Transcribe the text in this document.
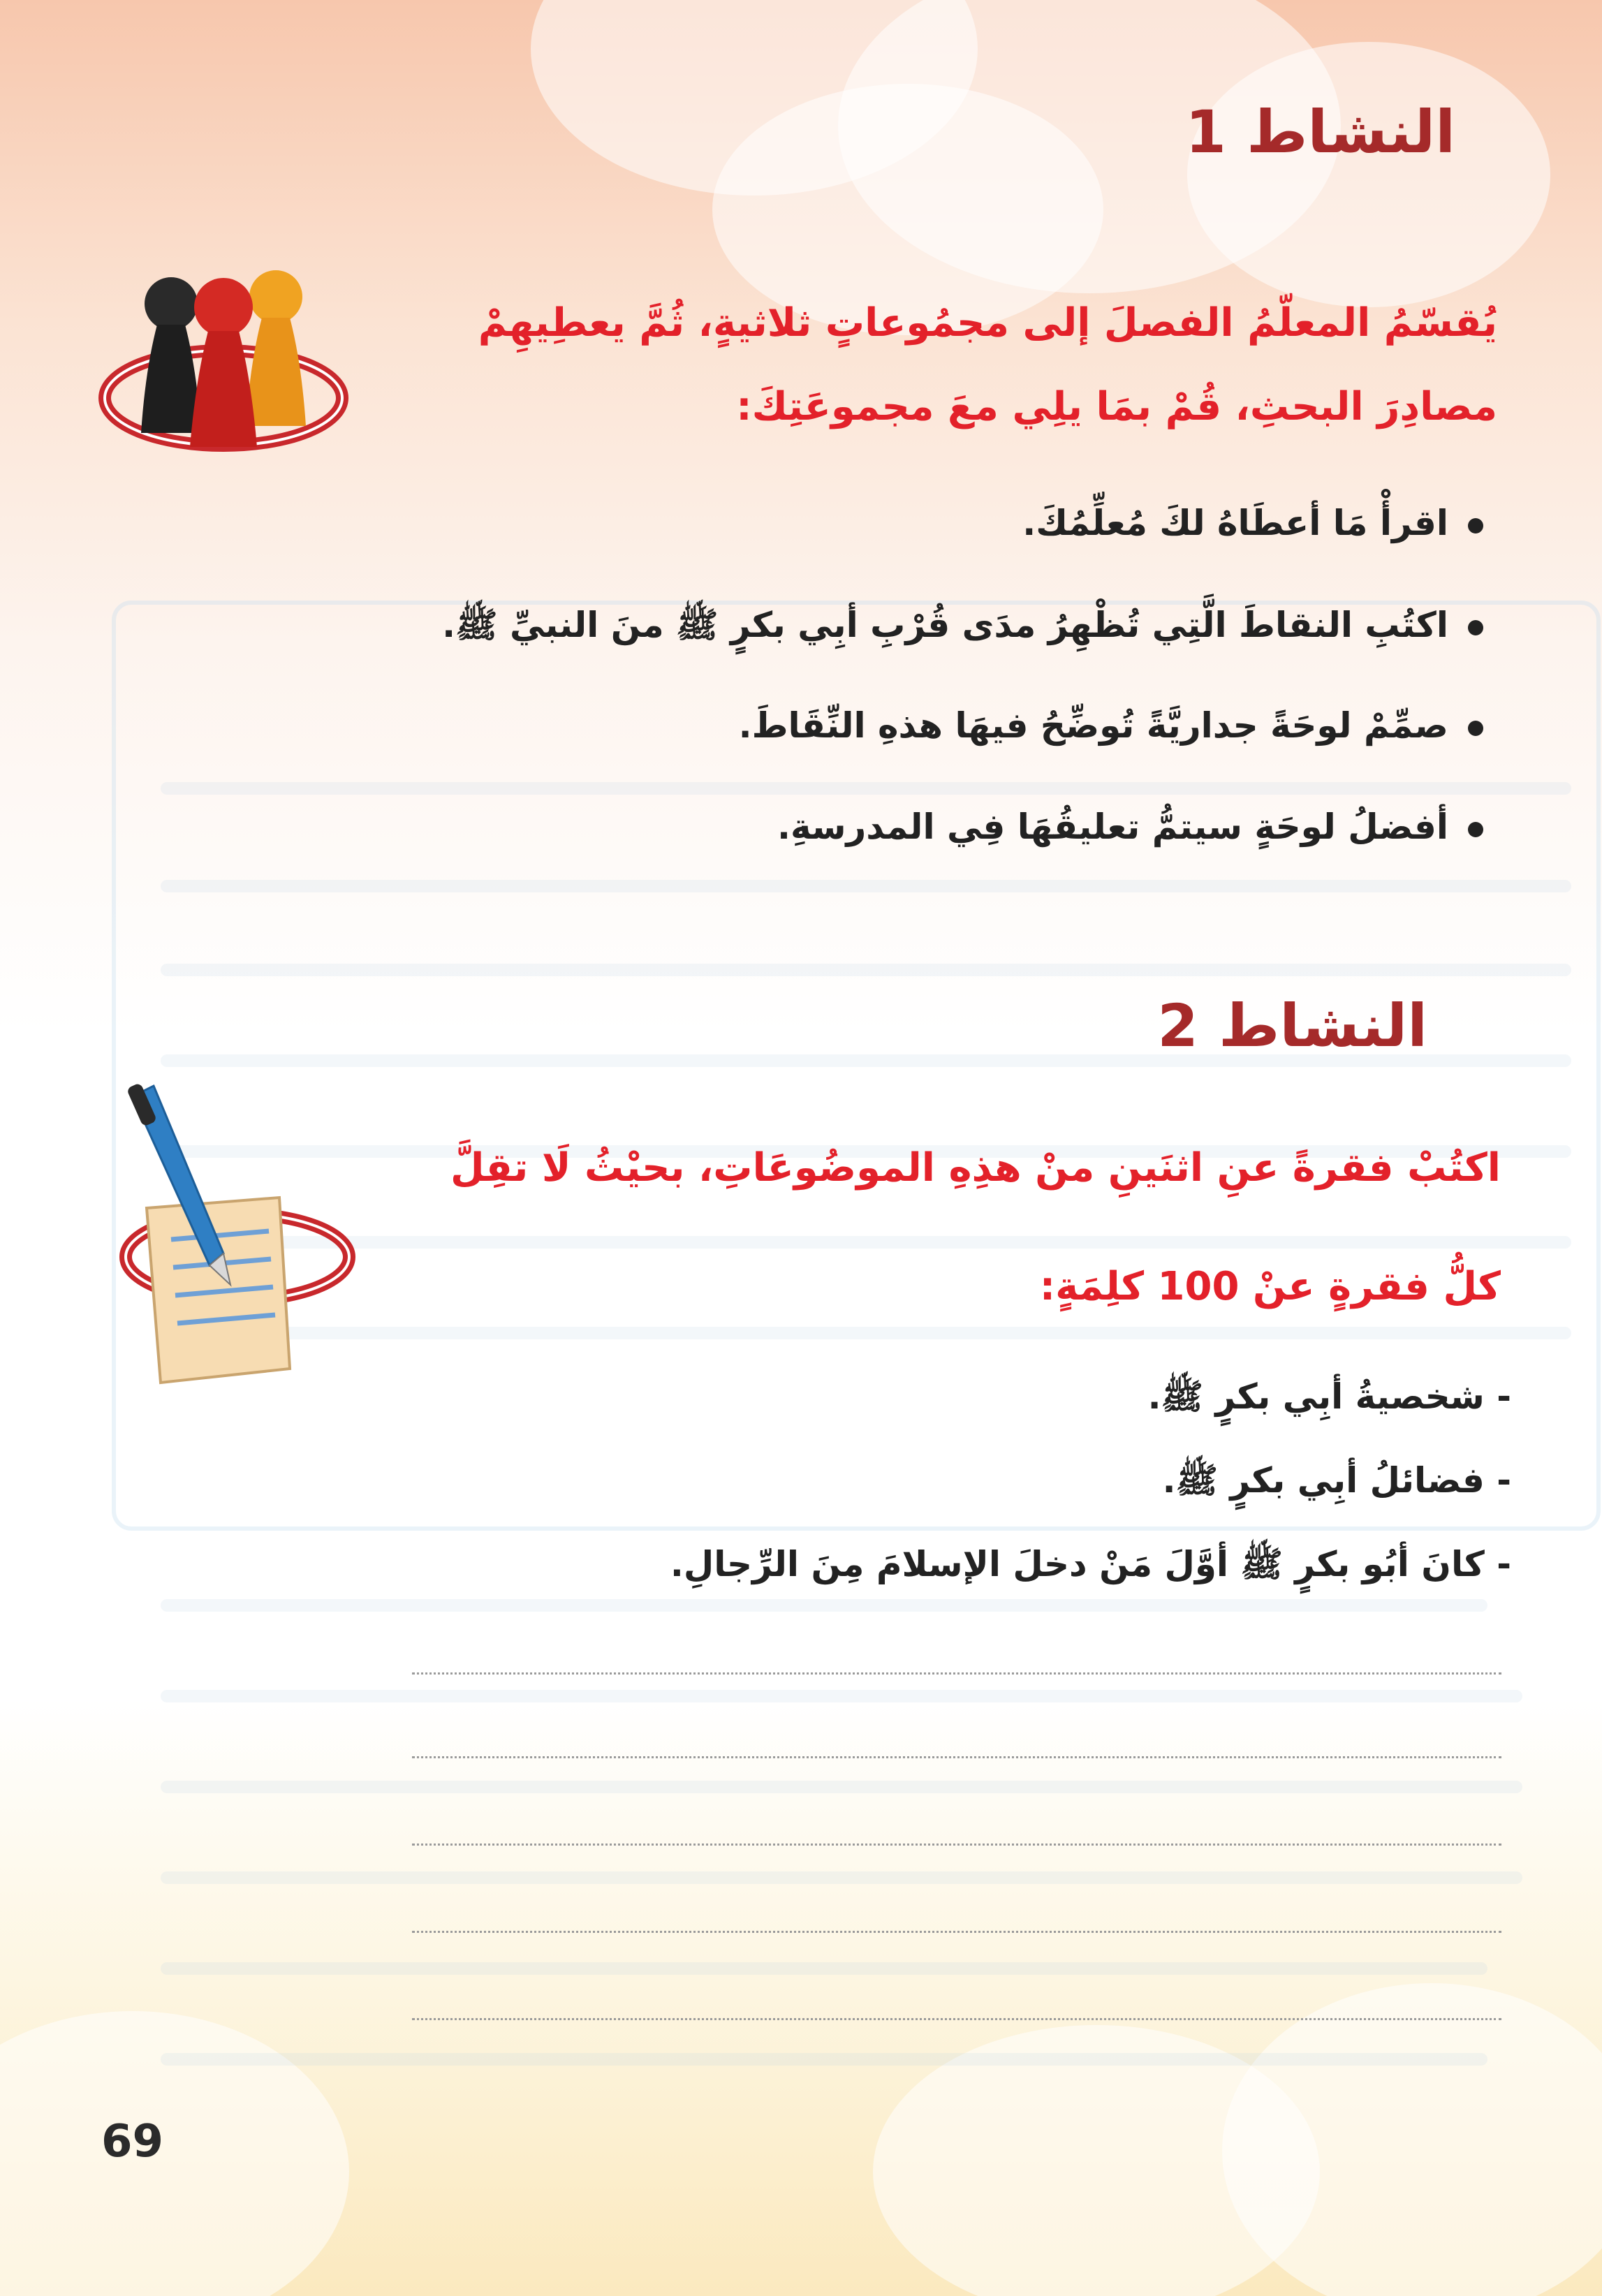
النشاط 1
يُقسّمُ المعلّمُ الفصلَ إلى مجمُوعاتٍ ثلاثيةٍ، ثُمَّ يعطِيهِمْ
مصادِرَ البحثِ، قُمْ بمَا يلِي معَ مجموعَتِكَ:
اقرأْ مَا أعطَاهُ لكَ مُعلِّمُكَ.
اكتُبِ النقاطَ الَّتِي تُظْهِرُ مدَى قُرْبِ أبِي بكرٍ ﷺ منَ النبيِّ ﷺ.
صمِّمْ لوحَةً جداريَّةً تُوضِّحُ فيهَا هذهِ النِّقَاطَ.
أفضلُ لوحَةٍ سيتمُّ تعليقُهَا فِي المدرسةِ.
النشاط 2
اكتُبْ فقرةً عنِ اثنَينِ منْ هذِهِ الموضُوعَاتِ، بحيْثُ لَا تقِلَّ
كلُّ فقرةٍ عنْ 100 كلِمَةٍ:
- شخصيةُ أبِي بكرٍ ﷺ.
- فضائلُ أبِي بكرٍ ﷺ.
- كانَ أبُو بكرٍ ﷺ أوَّلَ مَنْ دخلَ الإسلامَ مِنَ الرِّجالِ.
69
